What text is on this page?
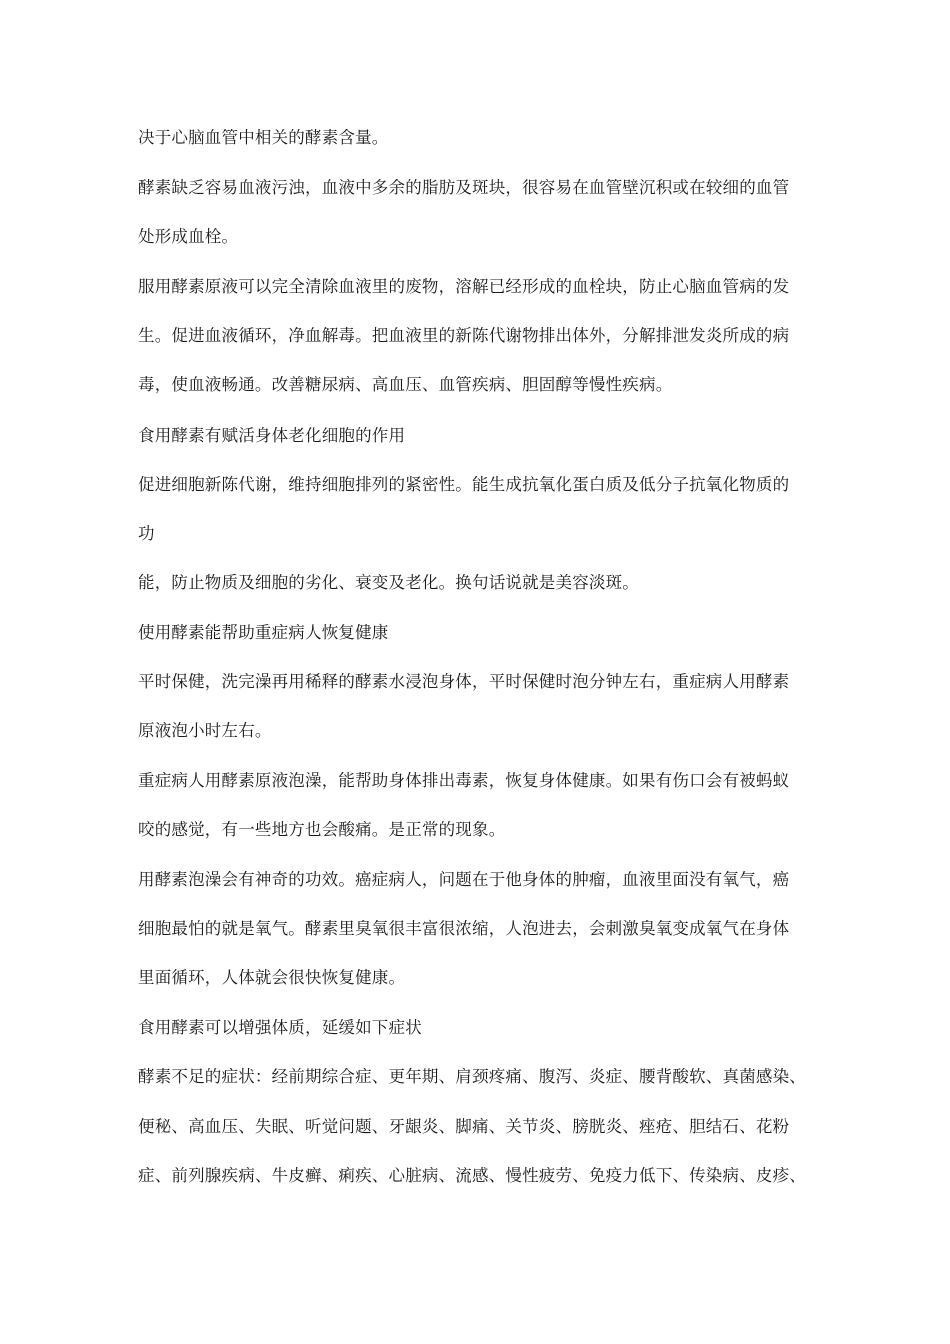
决于心脑血管中相关的酵素含量。
酵素缺乏容易血液污浊，血液中多余的脂肪及斑块，很容易在血管壁沉积或在较细的血管
处形成血栓。
服用酵素原液可以完全清除血液里的废物，溶解已经形成的血栓块，防止心脑血管病的发
生。促进血液循环，净血解毒。把血液里的新陈代谢物排出体外，分解排泄发炎所成的病
毒，使血液畅通。改善糖尿病、高血压、血管疾病、胆固醇等慢性疾病。
食用酵素有赋活身体老化细胞的作用
促进细胞新陈代谢，维持细胞排列的紧密性。能生成抗氧化蛋白质及低分子抗氧化物质的
功
能，防止物质及细胞的劣化、衰变及老化。换句话说就是美容淡斑。
使用酵素能帮助重症病人恢复健康
平时保健，洗完澡再用稀释的酵素水浸泡身体，平时保健时泡分钟左右，重症病人用酵素
原液泡小时左右。
重症病人用酵素原液泡澡，能帮助身体排出毒素，恢复身体健康。如果有伤口会有被蚂蚁
咬的感觉，有一些地方也会酸痛。是正常的现象。
用酵素泡澡会有神奇的功效。癌症病人，问题在于他身体的肿瘤，血液里面没有氧气，癌
细胞最怕的就是氧气。酵素里臭氧很丰富很浓缩，人泡进去，会刺激臭氧变成氧气在身体
里面循环，人体就会很快恢复健康。
食用酵素可以增强体质，延缓如下症状
酵素不足的症状：经前期综合症、更年期、肩颈疼痛、腹泻、炎症、腰背酸软、真菌感染、
便秘、高血压、失眠、听觉问题、牙龈炎、脚痛、关节炎、膀胱炎、痤疮、胆结石、花粉
症、前列腺疾病、牛皮癣、痢疾、心脏病、流感、慢性疲劳、免疫力低下、传染病、皮疹、
